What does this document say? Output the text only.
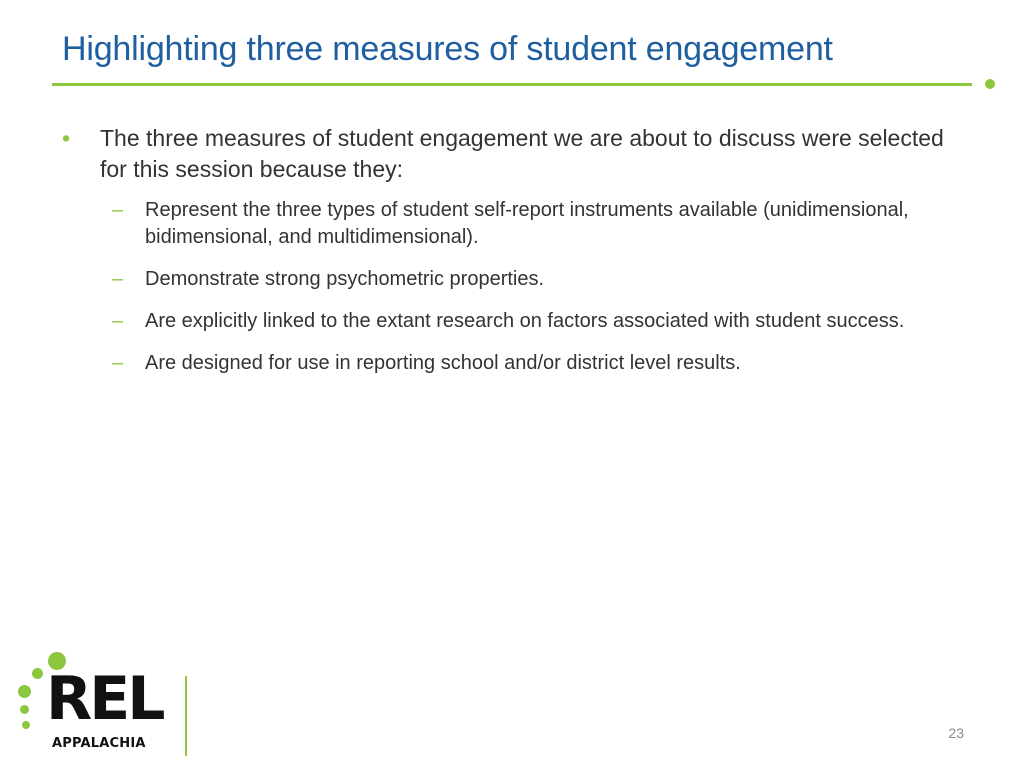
Highlighting three measures of student engagement
• The three measures of student engagement we are about to discuss were selected for this session because they:
– Represent the three types of student self-report instruments available (unidimensional, bidimensional, and multidimensional).
– Demonstrate strong psychometric properties.
– Are explicitly linked to the extant research on factors associated with student success.
– Are designed for use in reporting school and/or district level results.
REL
APPALACHIA
23
